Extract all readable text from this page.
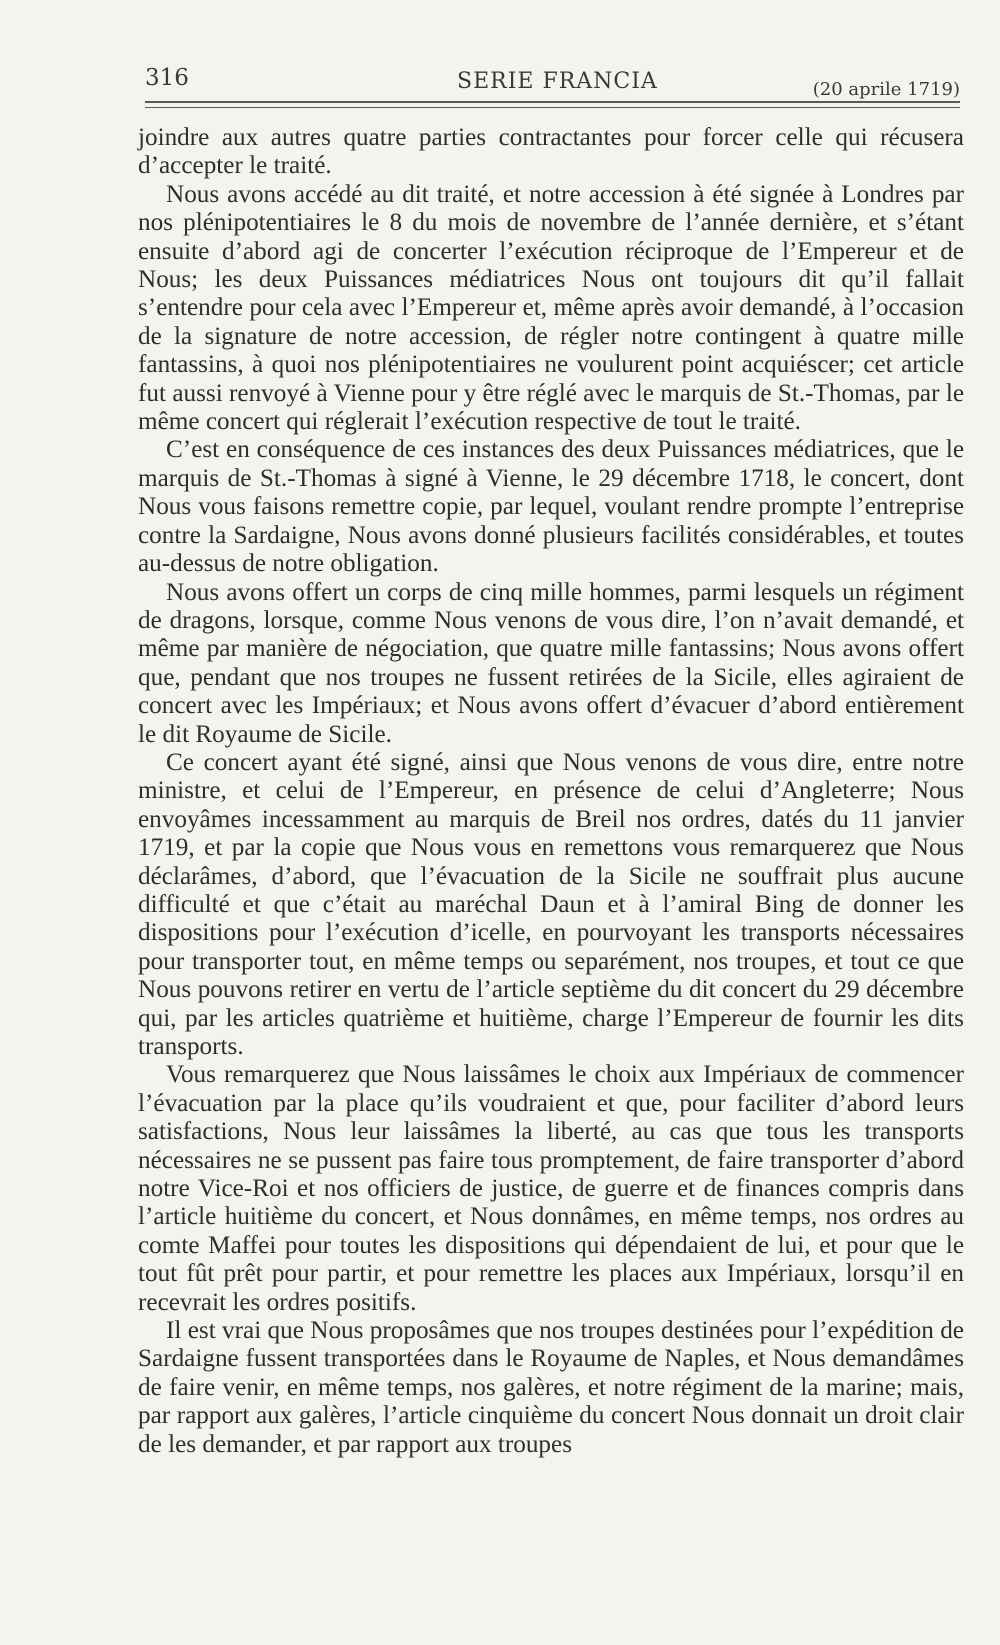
316	SERIE FRANCIA	(20 aprile 1719)

joindre aux autres quatre parties contractantes pour forcer celle qui récusera d’accepter le traité.

Nous avons accédé au dit traité, et notre accession à été signée à Londres par nos plénipotentiaires le 8 du mois de novembre de l’année dernière, et s’étant ensuite d’abord agi de concerter l’exécution réciproque de l’Empereur et de Nous; les deux Puissances médiatrices Nous ont toujours dit qu’il fallait s’entendre pour cela avec l’Empereur et, même après avoir demandé, à l’occasion de la signature de notre accession, de régler notre contingent à quatre mille fantassins, à quoi nos plénipotentiaires ne voulurent point acquiéscer; cet article fut aussi renvoyé à Vienne pour y être réglé avec le marquis de St.-Thomas, par le même concert qui réglerait l’exécution respective de tout le traité.

C’est en conséquence de ces instances des deux Puissances médiatrices, que le marquis de St.-Thomas à signé à Vienne, le 29 décembre 1718, le concert, dont Nous vous faisons remettre copie, par lequel, voulant rendre prompte l’entreprise contre la Sardaigne, Nous avons donné plusieurs facilités considérables, et toutes au-dessus de notre obligation.

Nous avons offert un corps de cinq mille hommes, parmi lesquels un régiment de dragons, lorsque, comme Nous venons de vous dire, l’on n’avait demandé, et même par manière de négociation, que quatre mille fantassins; Nous avons offert que, pendant que nos troupes ne fussent retirées de la Sicile, elles agiraient de concert avec les Impériaux; et Nous avons offert d’évacuer d’abord entièrement le dit Royaume de Sicile.

Ce concert ayant été signé, ainsi que Nous venons de vous dire, entre notre ministre, et celui de l’Empereur, en présence de celui d’Angleterre; Nous envoyâmes incessamment au marquis de Breil nos ordres, datés du 11 janvier 1719, et par la copie que Nous vous en remettons vous remarquerez que Nous déclarâmes, d’abord, que l’évacuation de la Sicile ne souffrait plus aucune difficulté et que c’était au maréchal Daun et à l’amiral Bing de donner les dispositions pour l’exécution d’icelle, en pourvoyant les transports nécessaires pour transporter tout, en même temps ou separément, nos troupes, et tout ce que Nous pouvons retirer en vertu de l’article septième du dit concert du 29 décembre qui, par les articles quatrième et huitième, charge l’Empereur de fournir les dits transports.

Vous remarquerez que Nous laissâmes le choix aux Impériaux de commencer l’évacuation par la place qu’ils voudraient et que, pour faciliter d’abord leurs satisfactions, Nous leur laissâmes la liberté, au cas que tous les transports nécessaires ne se pussent pas faire tous promptement, de faire transporter d’abord notre Vice-Roi et nos officiers de justice, de guerre et de finances compris dans l’article huitième du concert, et Nous donnâmes, en même temps, nos ordres au comte Maffei pour toutes les dispositions qui dépendaient de lui, et pour que le tout fût prêt pour partir, et pour remettre les places aux Impériaux, lorsqu’il en recevrait les ordres positifs.

Il est vrai que Nous proposâmes que nos troupes destinées pour l’expédition de Sardaigne fussent transportées dans le Royaume de Naples, et Nous demandâmes de faire venir, en même temps, nos galères, et notre régiment de la marine; mais, par rapport aux galères, l’article cinquième du concert Nous donnait un droit clair de les demander, et par rapport aux troupes
